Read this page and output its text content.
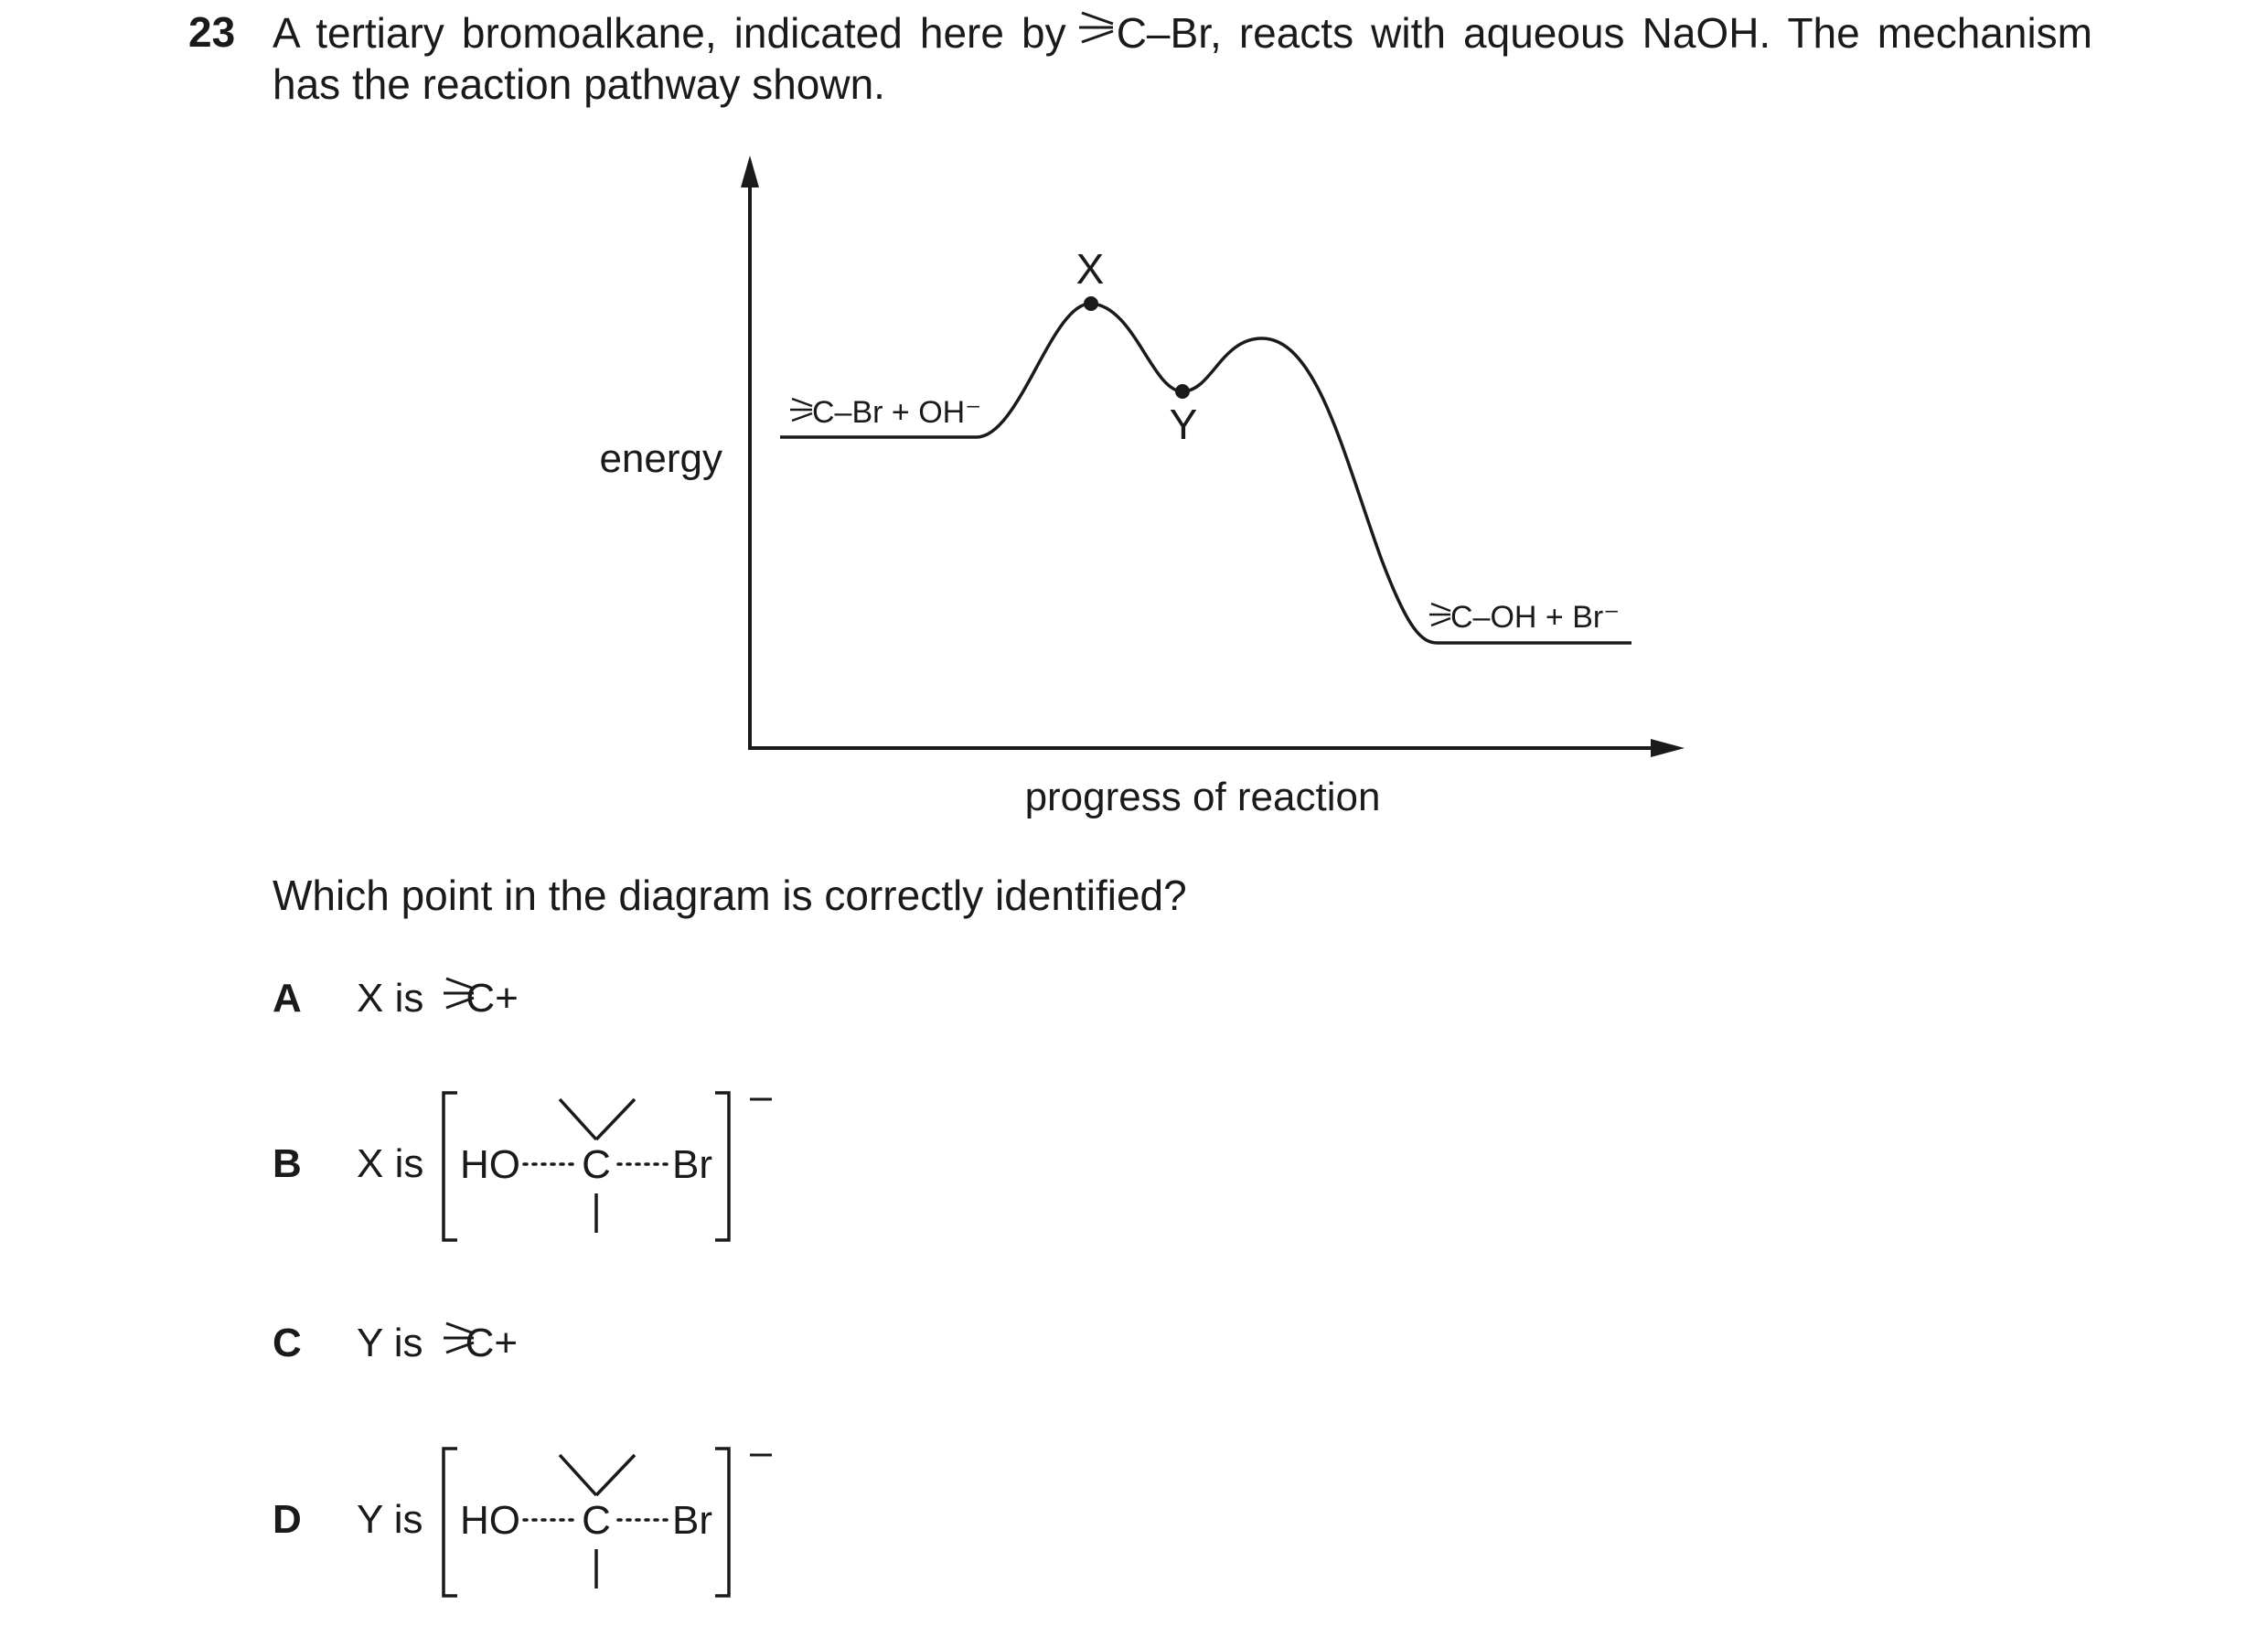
23 A tertiary bromoalkane, indicated here by C–Br, reacts with aqueous NaOH. The mechanism
has the reaction pathway shown.
X
Y
energy
progress of reaction
C–Br + OH⁻
C–OH + Br⁻
HO C Br
HO C Br
Which point in the diagram is correctly identified?
A X is C+
B X is
C Y is C+
D Y is
